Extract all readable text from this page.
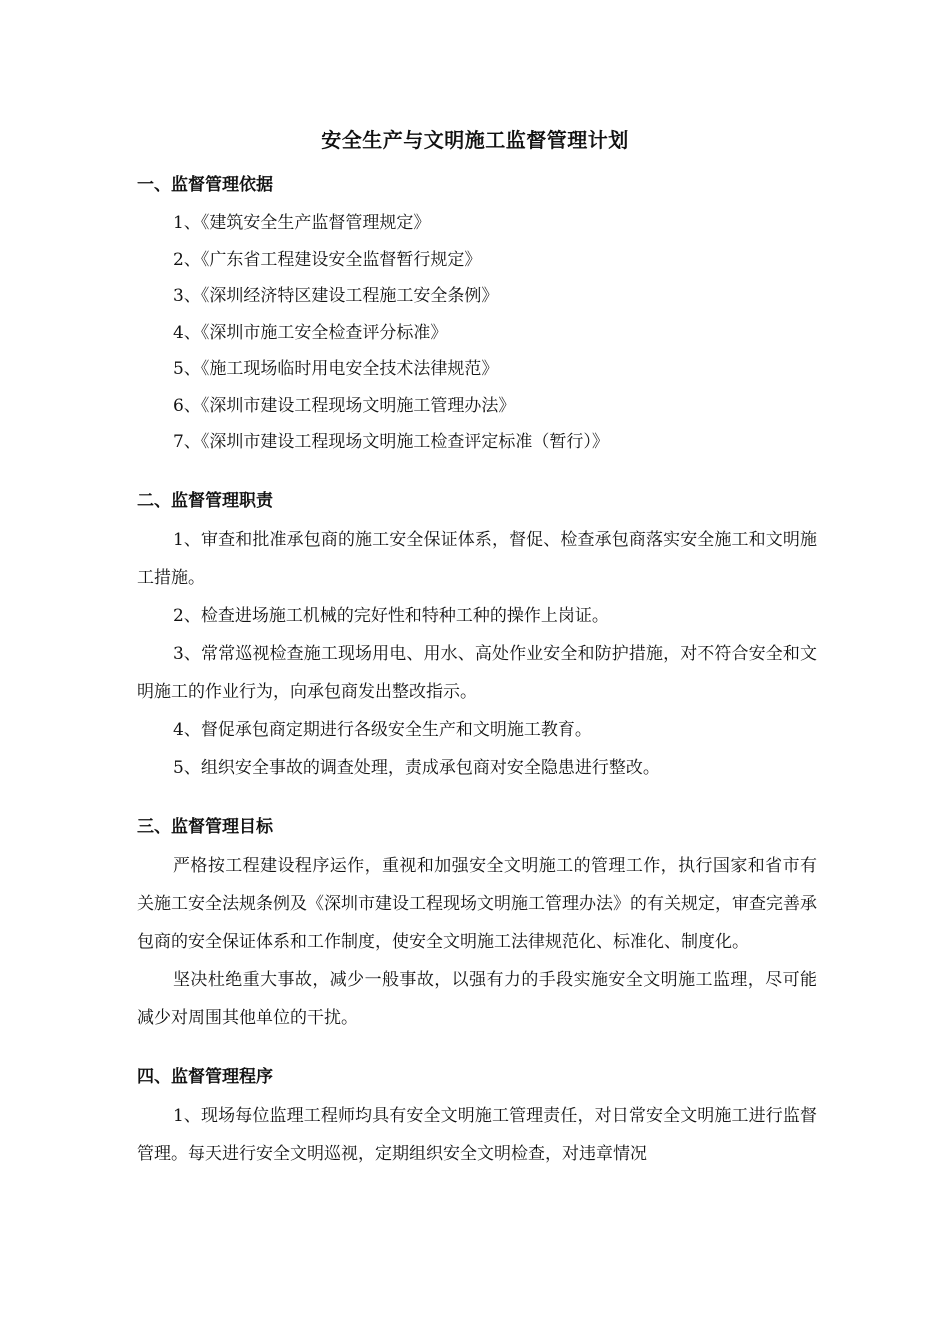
安全生产与文明施工监督管理计划
一、监督管理依据

1、《建筑安全生产监督管理规定》

2、《广东省工程建设安全监督暂行规定》

3、《深圳经济特区建设工程施工安全条例》

4、《深圳市施工安全检查评分标准》

5、《施工现场临时用电安全技术法律规范》

6、《深圳市建设工程现场文明施工管理办法》

7、《深圳市建设工程现场文明施工检查评定标准（暂行）》

二、监督管理职责

1、审查和批准承包商的施工安全保证体系，督促、检查承包商落实安全施工和文明施工措施。

2、检查进场施工机械的完好性和特种工种的操作上岗证。

3、常常巡视检查施工现场用电、用水、高处作业安全和防护措施，对不符合安全和文明施工的作业行为，向承包商发出整改指示。

4、督促承包商定期进行各级安全生产和文明施工教育。

5、组织安全事故的调查处理，责成承包商对安全隐患进行整改。

三、监督管理目标

严格按工程建设程序运作，重视和加强安全文明施工的管理工作，执行国家和省市有关施工安全法规条例及《深圳市建设工程现场文明施工管理办法》的有关规定，审查完善承包商的安全保证体系和工作制度，使安全文明施工法律规范化、标准化、制度化。

坚决杜绝重大事故，减少一般事故，以强有力的手段实施安全文明施工监理，尽可能减少对周围其他单位的干扰。

四、监督管理程序

1、现场每位监理工程师均具有安全文明施工管理责任，对日常安全文明施工进行监督管理。每天进行安全文明巡视，定期组织安全文明检查，对违章情况
